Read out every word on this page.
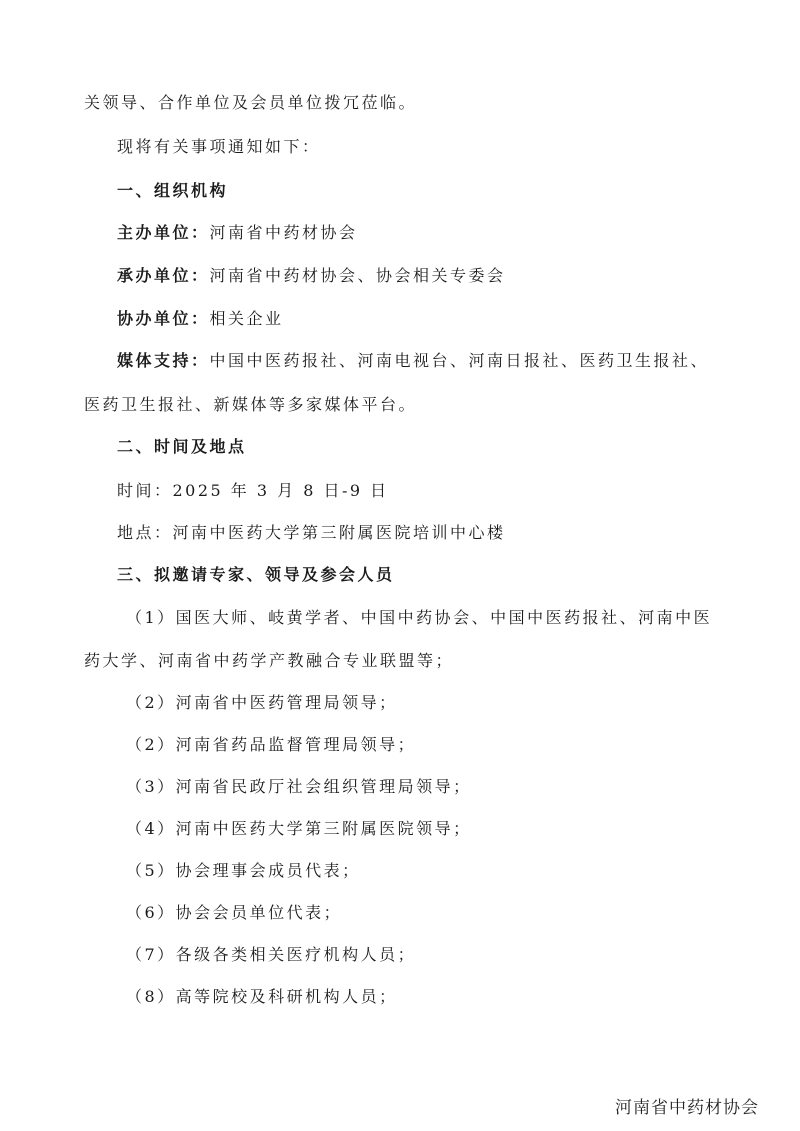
关领导、合作单位及会员单位拨冗莅临。
现将有关事项通知如下：
一、组织机构
主办单位：河南省中药材协会
承办单位：河南省中药材协会、协会相关专委会
协办单位：相关企业
媒体支持：中国中医药报社、河南电视台、河南日报社、医药卫生报社、
医药卫生报社、新媒体等多家媒体平台。
二、时间及地点
时间：2025 年 3 月 8 日-9 日
地点：河南中医药大学第三附属医院培训中心楼
三、拟邀请专家、领导及参会人员
（1）国医大师、岐黄学者、中国中药协会、中国中医药报社、河南中医
药大学、河南省中药学产教融合专业联盟等；
（2）河南省中医药管理局领导；
（2）河南省药品监督管理局领导；
（3）河南省民政厅社会组织管理局领导；
（4）河南中医药大学第三附属医院领导；
（5）协会理事会成员代表；
（6）协会会员单位代表；
（7）各级各类相关医疗机构人员；
（8）高等院校及科研机构人员；
河南省中药材协会
